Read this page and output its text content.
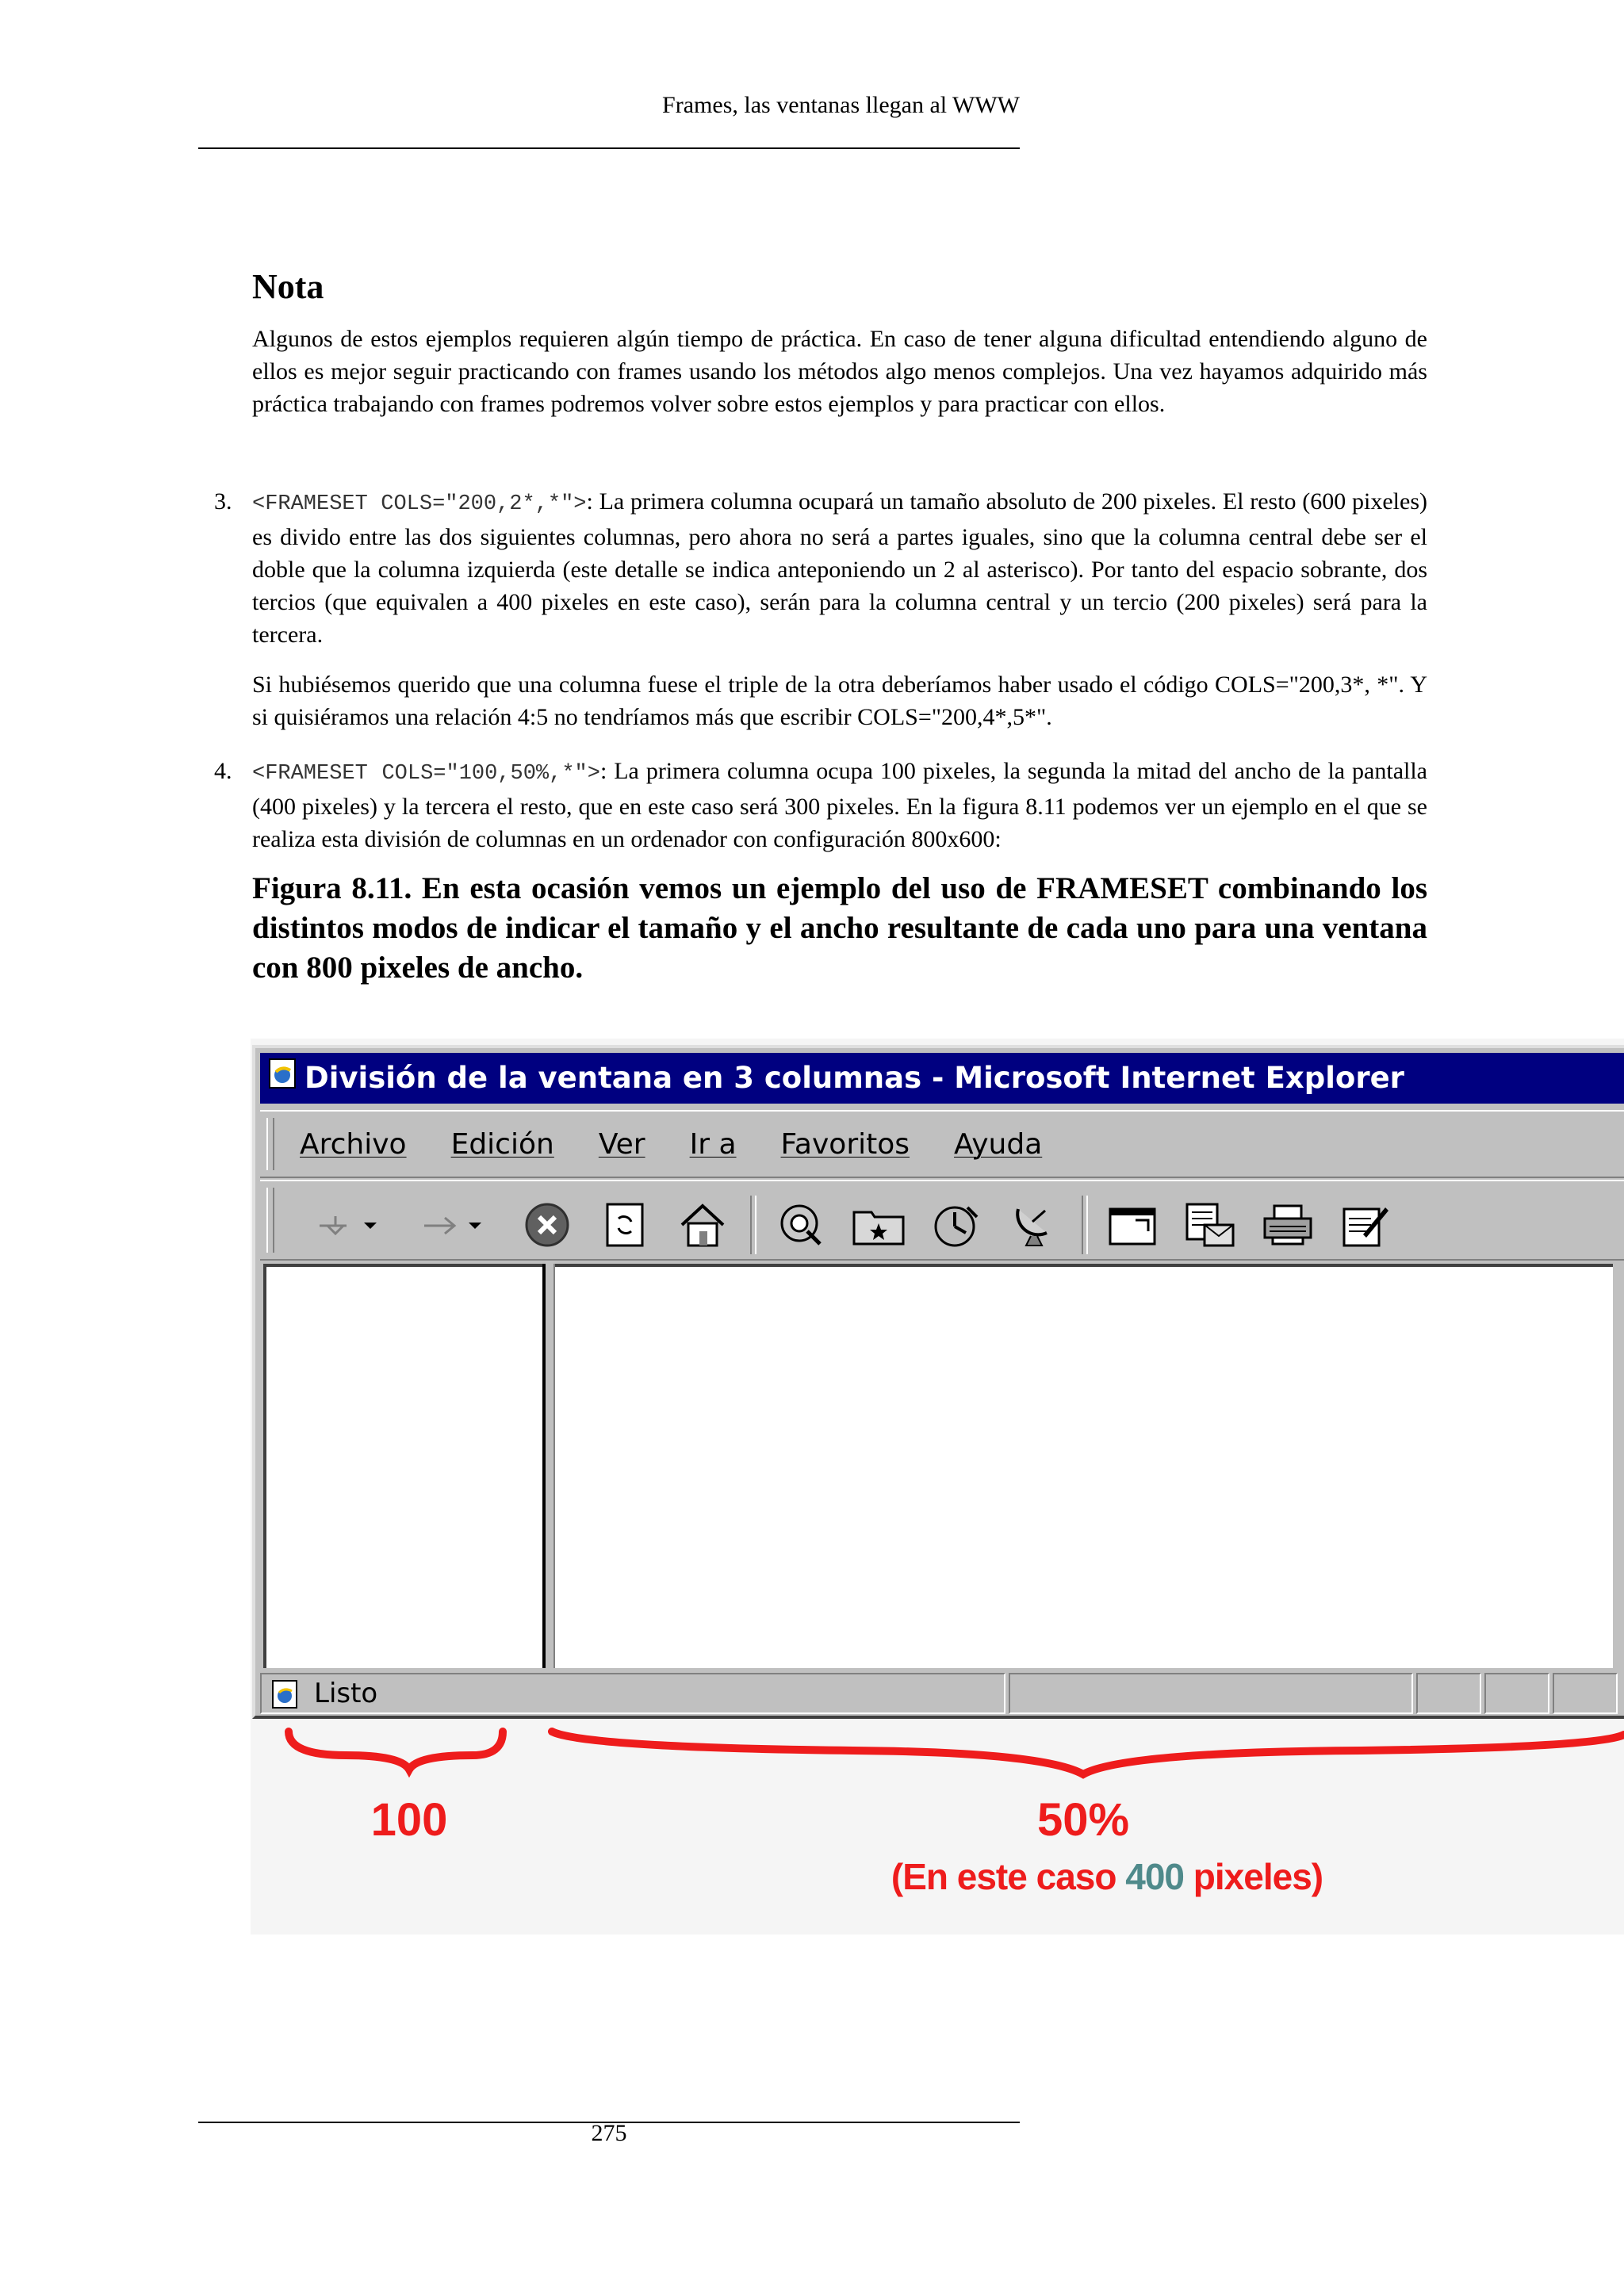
Frames, las ventanas llegan al WWW
Nota

Algunos de estos ejemplos requieren algún tiempo de práctica. En caso de tener alguna dificultad entendiendo alguno de ellos es mejor seguir practicando con frames usando los métodos algo menos complejos. Una vez hayamos adquirido más práctica trabajando con frames podremos volver sobre estos ejemplos y para practicar con ellos.

3. <FRAMESET COLS="200,2*,*">: La primera columna ocupará un tamaño absoluto de 200 pixeles. El resto (600 pixeles) es divido entre las dos siguientes columnas, pero ahora no será a partes iguales, sino que la columna central debe ser el doble que la columna izquierda (este detalle se indica anteponiendo un 2 al asterisco). Por tanto del espacio sobrante, dos tercios (que equivalen a 400 pixeles en este caso), serán para la columna central y un tercio (200 pixeles) será para la tercera.

Si hubiésemos querido que una columna fuese el triple de la otra deberíamos haber usado el código COLS="200,3*, *". Y si quisiéramos una relación 4:5 no tendríamos más que escribir COLS="200,4*,5*".

4. <FRAMESET COLS="100,50%,*">: La primera columna ocupa 100 pixeles, la segunda la mitad del ancho de la pantalla (400 pixeles) y la tercera el resto, que en este caso será 300 pixeles. En la figura 8.11 podemos ver un ejemplo en el que se realiza esta división de columnas en un ordenador con configuración 800x600:

Figura 8.11. En esta ocasión vemos un ejemplo del uso de FRAMESET combinando los distintos modos de indicar el tamaño y el ancho resultante de cada uno para una ventana con 800 pixeles de ancho.
División de la ventana en 3 columnas - Microsoft Internet Explorer
Archivo Edición Ver Ir a Favoritos Ayuda
Listo
100	50%
(En este caso 400 pixeles)
275
